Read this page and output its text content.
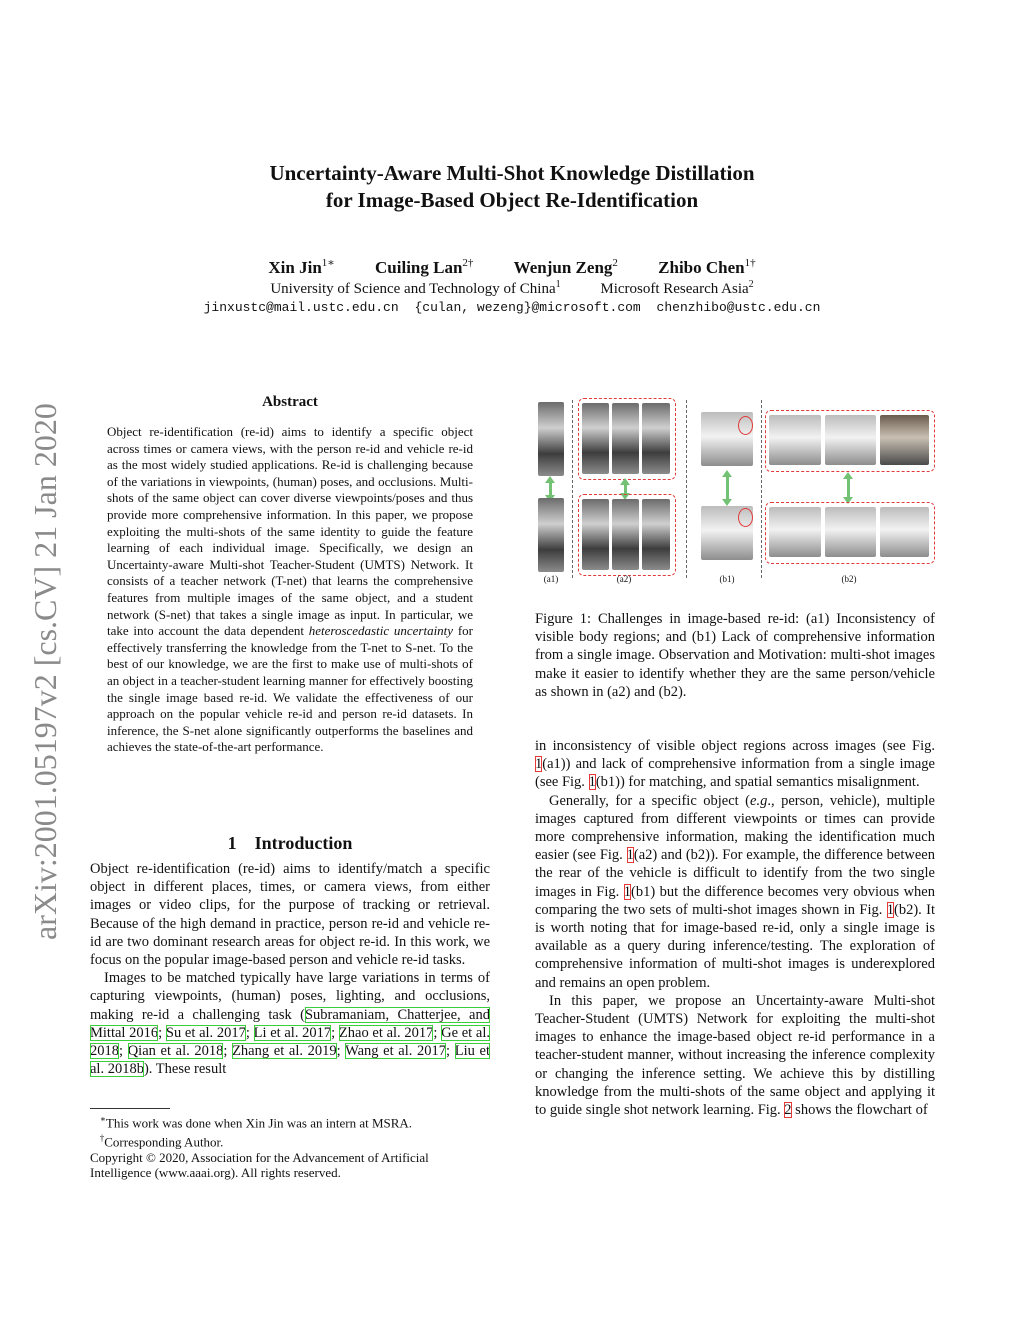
Uncertainty-Aware Multi-Shot Knowledge Distillation
for Image-Based Object Re-Identification
Xin Jin$^{1∗}$ Cuiling Lan$^{2\dagger}$ Wenjun Zeng$^2$ Zhibo Chen$^{1\dagger}$
University of Science and Technology of China$^1$	Microsoft Research Asia$^2$
jinxustc@mail.ustc.edu.cn {culan, wezeng}@microsoft.com chenzhibo@ustc.edu.cn
arXiv:2001.05197v2 [cs.CV] 21 Jan 2020
Abstract

Object re-identification (re-id) aims to identify a specific object across times or camera views, with the person re-id and vehicle re-id as the most widely studied applications. Re-id is challenging because of the variations in viewpoints, (human) poses, and occlusions. Multi-shots of the same object can cover diverse viewpoints/poses and thus provide more comprehensive information. In this paper, we propose exploiting the multi-shots of the same identity to guide the feature learning of each individual image. Specifically, we design an Uncertainty-aware Multi-shot Teacher-Student (UMTS) Network. It consists of a teacher network (T-net) that learns the comprehensive features from multiple images of the same object, and a student network (S-net) that takes a single image as input. In particular, we take into account the data dependent heteroscedastic uncertainty for effectively transferring the knowledge from the T-net to S-net. To the best of our knowledge, we are the first to make use of multi-shots of an object in a teacher-student learning manner for effectively boosting the single image based re-id. We validate the effectiveness of our approach on the popular vehicle re-id and person re-id datasets. In inference, the S-net alone significantly outperforms the baselines and achieves the state-of-the-art performance.

1 Introduction

Object re-identification (re-id) aims to identify/match a specific object in different places, times, or camera views, from either images or video clips, for the purpose of tracking or retrieval. Because of the high demand in practice, person re-id and vehicle re-id are two dominant research areas for object re-id. In this work, we focus on the popular image-based person and vehicle re-id tasks.

Images to be matched typically have large variations in terms of capturing viewpoints, (human) poses, lighting, and occlusions, making re-id a challenging task (Subramaniam, Chatterjee, and Mittal 2016; Su et al. 2017; Li et al. 2017; Zhao et al. 2017; Ge et al. 2018; Qian et al. 2018; Zhang et al. 2019; Wang et al. 2017; Liu et al. 2018b). These result

∗This work was done when Xin Jin was an intern at MSRA.
†Corresponding Author.
Copyright © 2020, Association for the Advancement of Artificial Intelligence (www.aaai.org). All rights reserved.
(a1)	(a2)	(b1)	(b2)
Figure 1: Challenges in image-based re-id: (a1) Inconsistency of visible body regions; and (b1) Lack of comprehensive information from a single image. Observation and Motivation: multi-shot images make it easier to identify whether they are the same person/vehicle as shown in (a2) and (b2).

in inconsistency of visible object regions across images (see Fig. 1(a1)) and lack of comprehensive information from a single image (see Fig. 1(b1)) for matching, and spatial semantics misalignment.

Generally, for a specific object (e.g., person, vehicle), multiple images captured from different viewpoints or times can provide more comprehensive information, making the identification much easier (see Fig. 1(a2) and (b2)). For example, the difference between the rear of the vehicle is difficult to identify from the two single images in Fig. 1(b1) but the difference becomes very obvious when comparing the two sets of multi-shot images shown in Fig. 1(b2). It is worth noting that for image-based re-id, only a single image is available as a query during inference/testing. The exploration of comprehensive information of multi-shot images is underexplored and remains an open problem.

In this paper, we propose an Uncertainty-aware Multi-shot Teacher-Student (UMTS) Network for exploiting the multi-shot images to enhance the image-based object re-id performance in a teacher-student manner, without increasing the inference complexity or changing the inference setting. We achieve this by distilling knowledge from the multi-shots of the same object and applying it to guide single shot network learning. Fig. 2 shows the flowchart of
